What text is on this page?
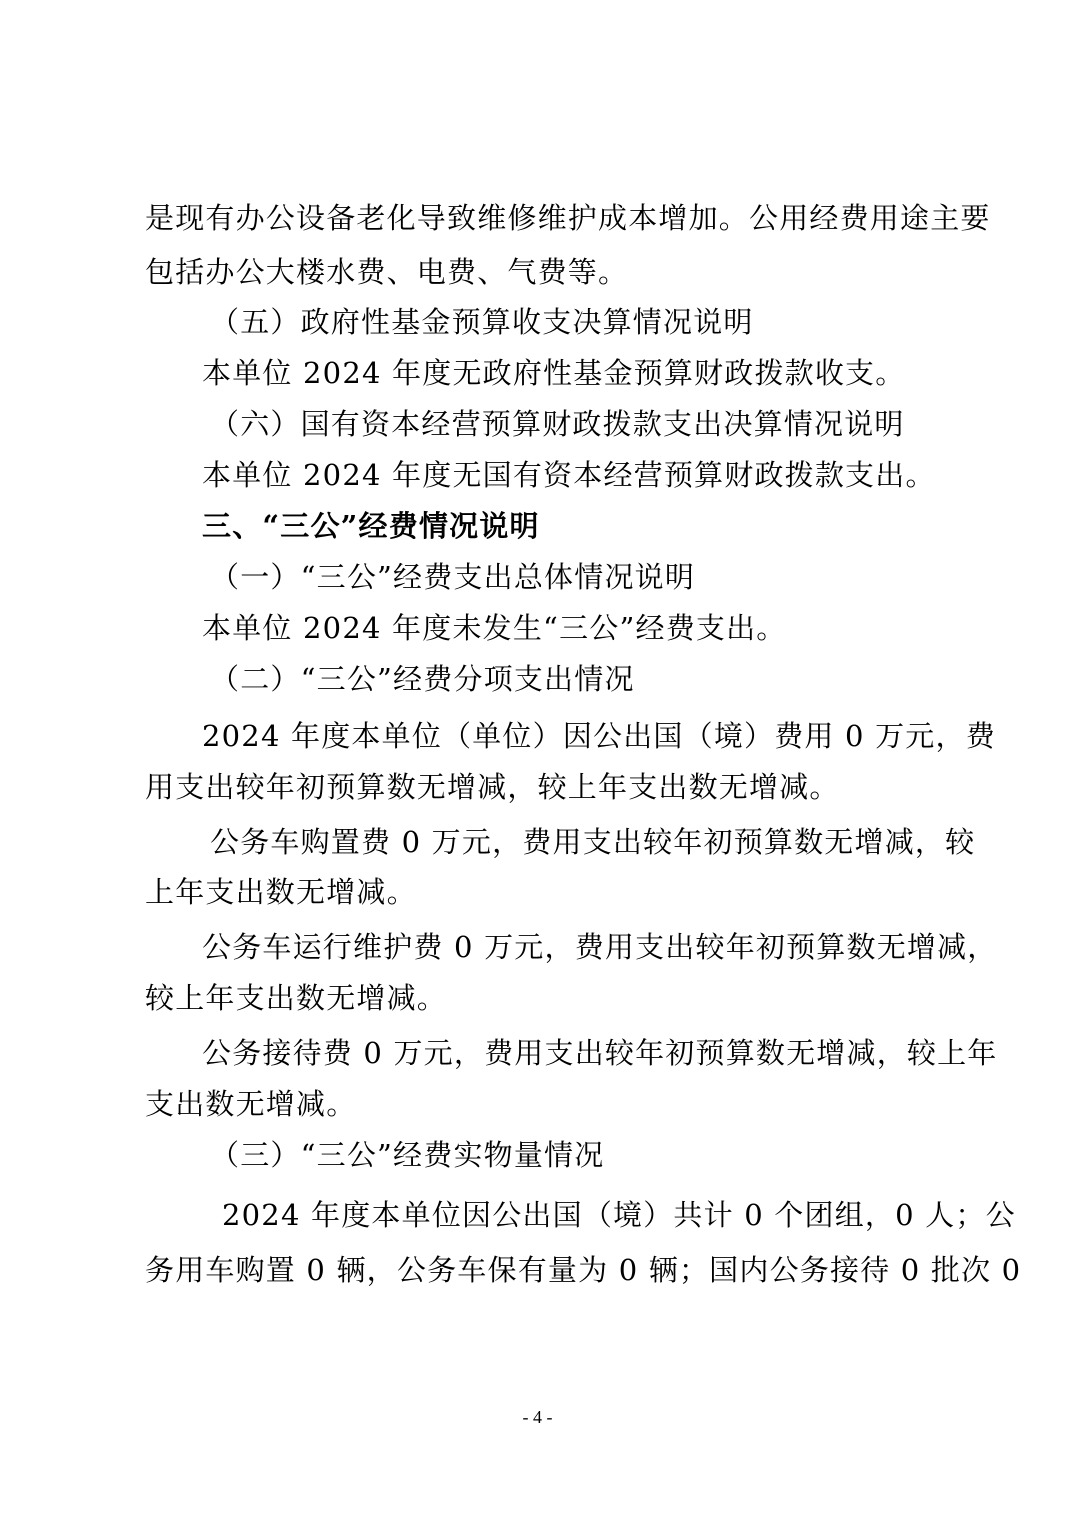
是现有办公设备老化导致维修维护成本增加。公用经费用途主要
包括办公大楼水费、电费、气费等。
（五）政府性基金预算收支决算情况说明
本单位 2024 年度无政府性基金预算财政拨款收支。
（六）国有资本经营预算财政拨款支出决算情况说明
本单位 2024 年度无国有资本经营预算财政拨款支出。
三、“三公”经费情况说明
（一）“三公”经费支出总体情况说明
本单位 2024 年度未发生“三公”经费支出。
（二）“三公”经费分项支出情况
2024 年度本单位（单位）因公出国（境）费用 0 万元，费
用支出较年初预算数无增减，较上年支出数无增减。
公务车购置费 0 万元，费用支出较年初预算数无增减，较
上年支出数无增减。
公务车运行维护费 0 万元，费用支出较年初预算数无增减，
较上年支出数无增减。
公务接待费 0 万元，费用支出较年初预算数无增减，较上年
支出数无增减。
（三）“三公”经费实物量情况
2024 年度本单位因公出国（境）共计 0 个团组，0 人；公
务用车购置 0 辆，公务车保有量为 0 辆；国内公务接待 0 批次 0
- 4 -
